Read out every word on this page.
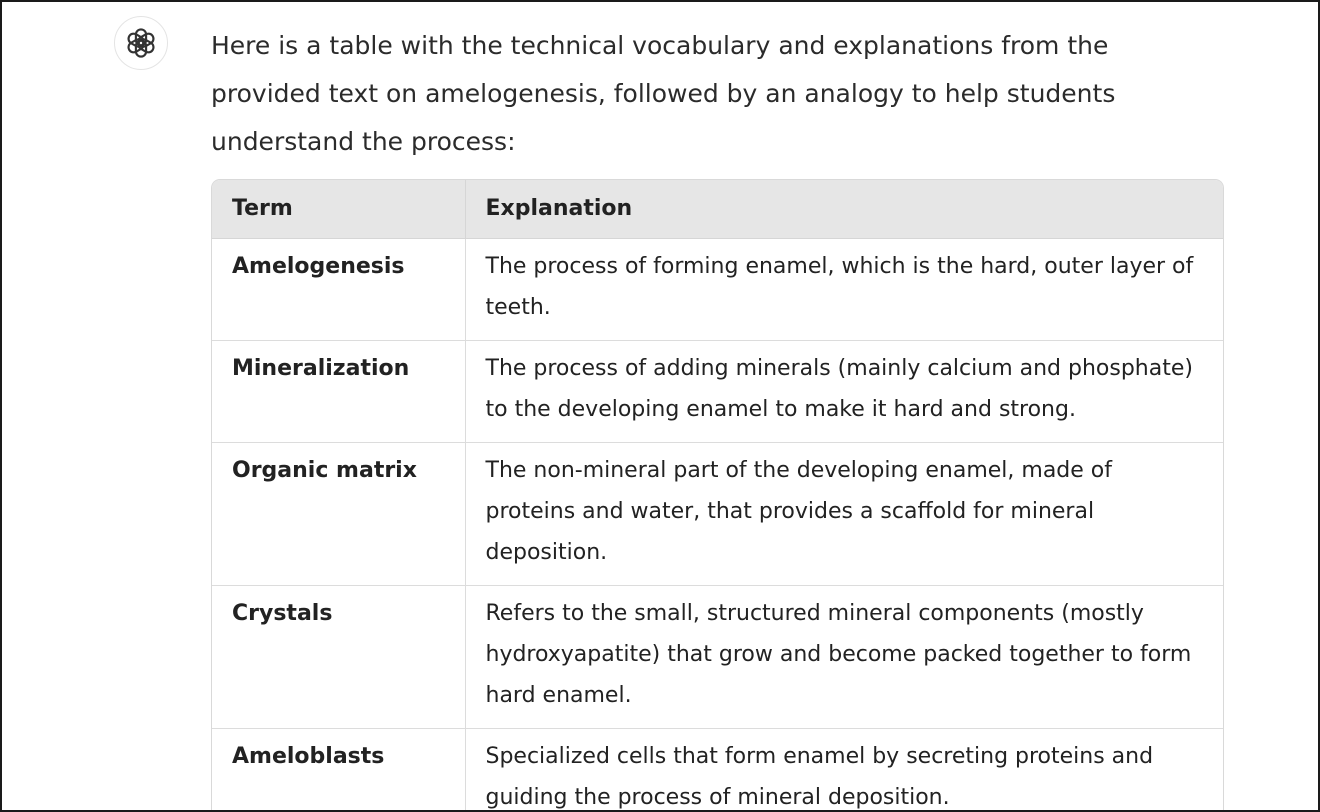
Here is a table with the technical vocabulary and explanations from the provided text on amelogenesis, followed by an analogy to help students understand the process:

Term	Explanation
Amelogenesis	The process of forming enamel, which is the hard, outer layer of teeth.
Mineralization	The process of adding minerals (mainly calcium and phosphate) to the developing enamel to make it hard and strong.
Organic matrix	The non-mineral part of the developing enamel, made of proteins and water, that provides a scaffold for mineral deposition.
Crystals	Refers to the small, structured mineral components (mostly hydroxyapatite) that grow and become packed together to form hard enamel.
Ameloblasts	Specialized cells that form enamel by secreting proteins and guiding the process of mineral deposition.
